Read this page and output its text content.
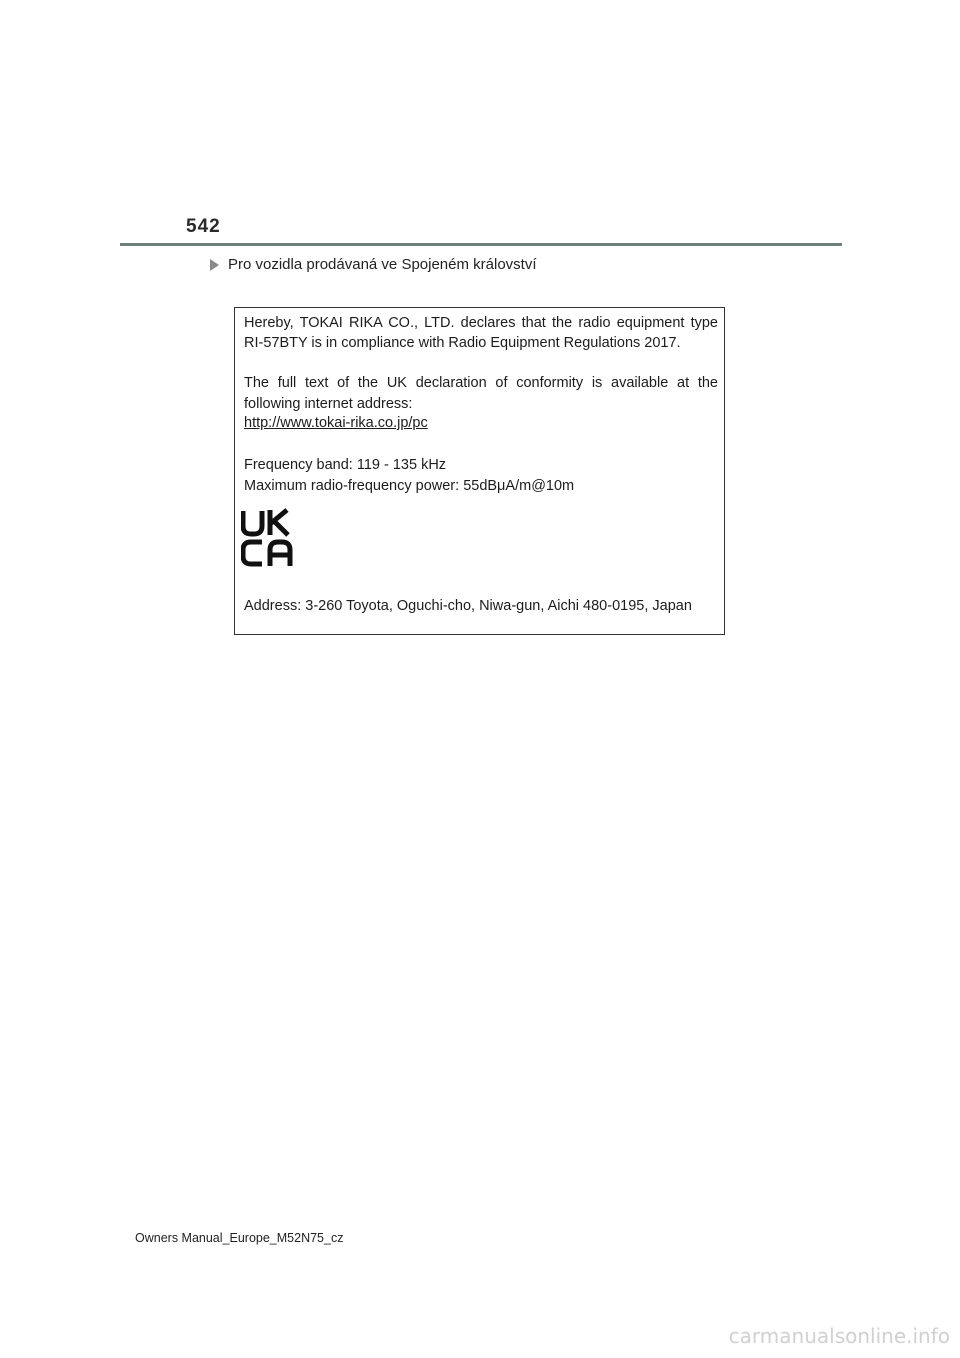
542
Pro vozidla prodávaná ve Spojeném království
Hereby, TOKAI RIKA CO., LTD. declares that the radio equipment type
RI-57BTY is in compliance with Radio Equipment Regulations 2017.
The full text of the UK declaration of conformity is available at the
following internet address:
http://www.tokai-rika.co.jp/pc
Frequency band: 119 - 135 kHz
Maximum radio-frequency power: 55dBμA/m@10m
Address: 3-260 Toyota, Oguchi-cho, Niwa-gun, Aichi 480-0195, Japan
Owners Manual_Europe_M52N75_cz
carmanualsonline.info
